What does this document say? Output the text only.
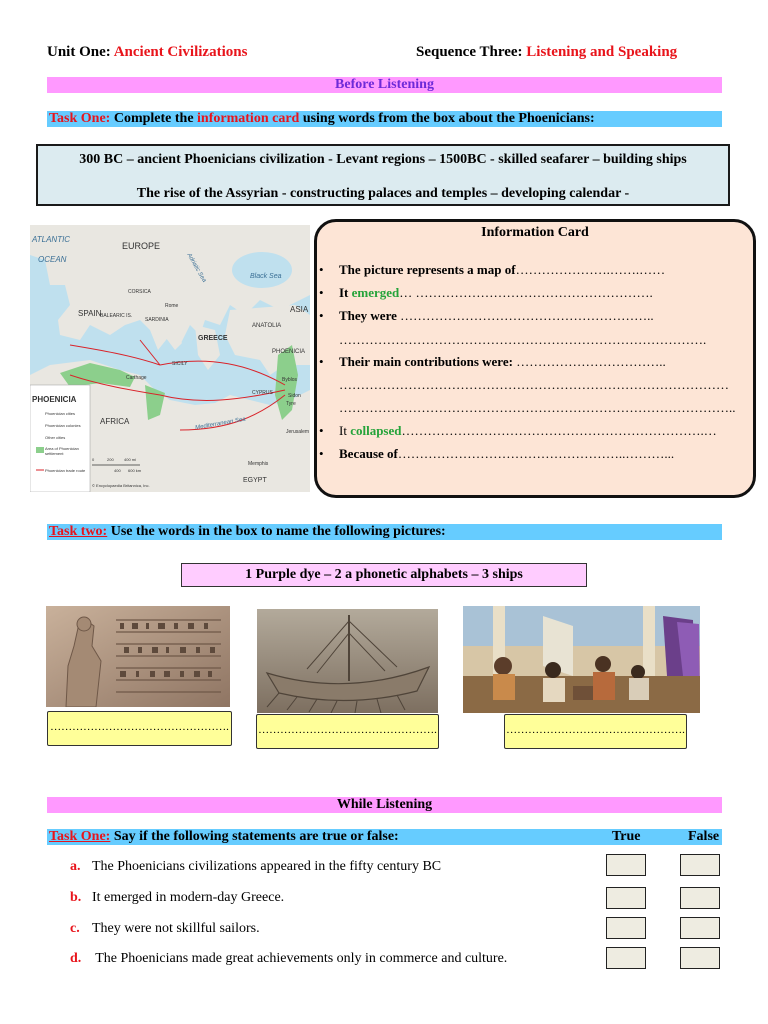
Unit One: Ancient Civilizations	Sequence Three: Listening and Speaking
Before Listening
Task One: Complete the information card using words from the box about the Phoenicians:
300 BC – ancient Phoenicians civilization - Levant regions – 1500BC - skilled seafarer – building ships
The rise of the Assyrian - constructing palaces and temples – developing calendar -
ATLANTIC
OCEAN
EUROPE
SPAIN
BALEARIC IS.
CORSICA
SARDINIA
Adriatic Sea	Black Sea
ASIA
ANATOLIA
GREECE
PHOENICIA
SICILY
CYPRUS
Rome
Carthage	Byblos
Sidon
Tyre
AFRICA	Mediterranean Sea
Jerusalem
Memphis
EGYPT
PHOENICIA
Phoenician cities
Phoenician colonies
Other cities
Area of Phoenician settlement
Phoenician trade route
0	200	400 mi
400 600 km
© Encyclopaedia Britannica, Inc.
Information Card
• The picture represents a map of………………….…….……
• It emerged… ……………………………………………….
• They were …………………………………………………..
………………………………………………………………………….
• Their main contributions were: ……………………………..
………………………………………………………………………………
………………………………………………………………………………..
• It collapsed…………………………………………………………….…
• Because of……………………………………………..………...
Task two: Use the words in the box to name the following pictures:
1 Purple dye – 2 a phonetic alphabets – 3 ships
………………………………………….	………………………………………….	………………………………………….
While Listening
Task One: Say if the following statements are true or false:	True	False
a. The Phoenicians civilizations appeared in the fifty century BC
b. It emerged in modern-day Greece.
c. They were not skillful sailors.
d. The Phoenicians made great achievements only in commerce and culture.
